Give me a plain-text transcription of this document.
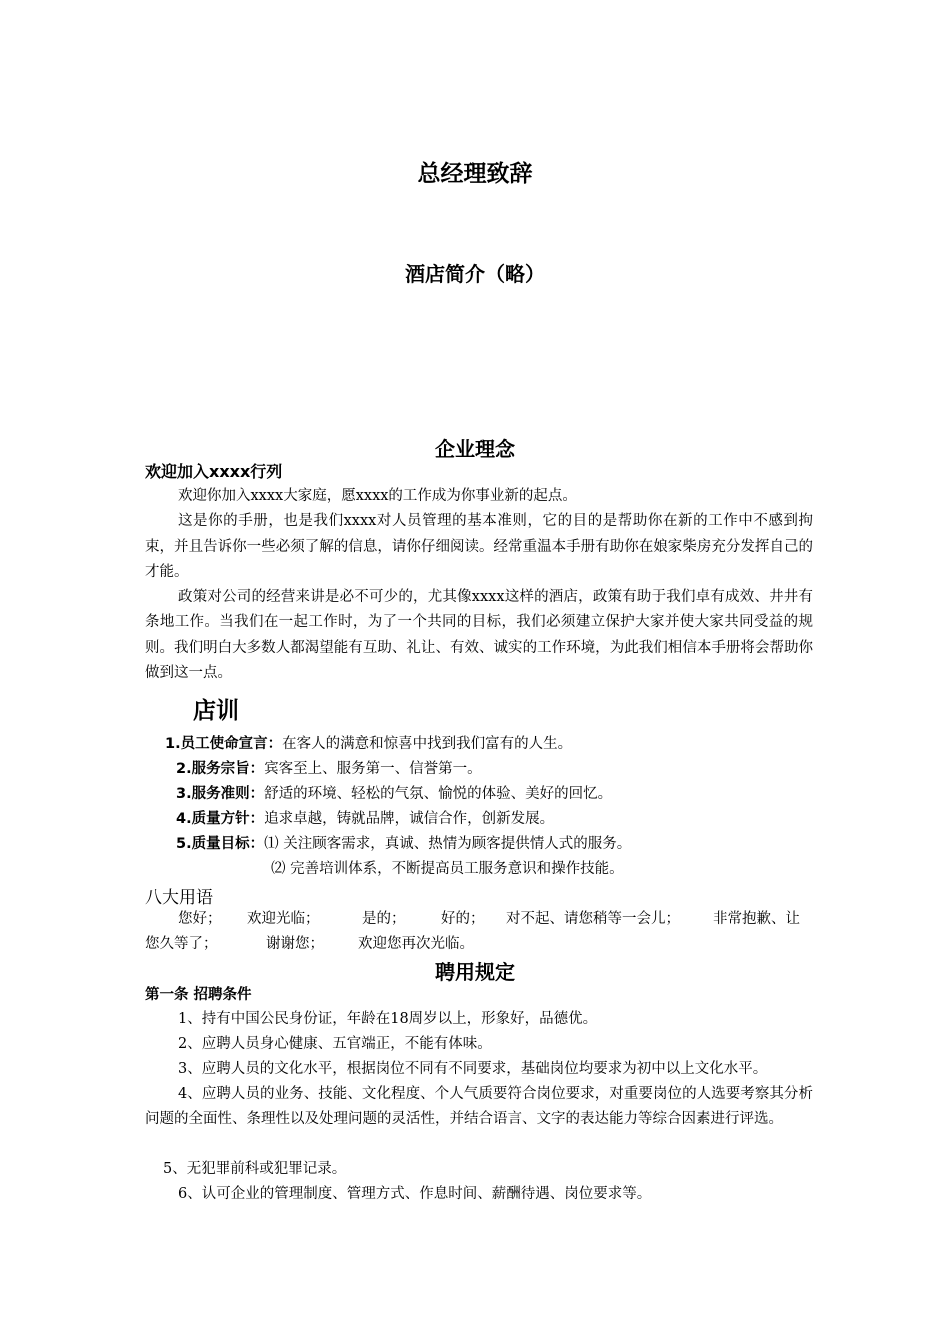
总经理致辞
酒店简介（略）
企业理念
欢迎加入xxxx行列

欢迎你加入xxxx大家庭，愿xxxx的工作成为你事业新的起点。

这是你的手册，也是我们xxxx对人员管理的基本准则，它的目的是帮助你在新的工作中不感到拘束，并且告诉你一些必须了解的信息，请你仔细阅读。经常重温本手册有助你在娘家柴房充分发挥自己的才能。

政策对公司的经营来讲是必不可少的，尤其像xxxx这样的酒店，政策有助于我们卓有成效、井井有条地工作。当我们在一起工作时，为了一个共同的目标，我们必须建立保护大家并使大家共同受益的规则。我们明白大多数人都渴望能有互助、礼让、有效、诚实的工作环境，为此我们相信本手册将会帮助你做到这一点。

店训
1.员工使命宣言：在客人的满意和惊喜中找到我们富有的人生。
2.服务宗旨：宾客至上、服务第一、信誉第一。
3.服务准则：舒适的环境、轻松的气氛、愉悦的体验、美好的回忆。
4.质量方针：追求卓越，铸就品牌，诚信合作，创新发展。
5.质量目标：⑴ 关注顾客需求，真诚、热情为顾客提供情人式的服务。
⑵ 完善培训体系，不断提高员工服务意识和操作技能。
八大用语
您好； 欢迎光临；	是的； 好的； 对不起、请您稍等一会儿； 非常抱歉、让
您久等了；	谢谢您； 欢迎您再次光临。
聘用规定
第一条 招聘条件
1、持有中国公民身份证，年龄在18周岁以上，形象好，品德优。
2、应聘人员身心健康、五官端正，不能有体味。
3、应聘人员的文化水平，根据岗位不同有不同要求，基础岗位均要求为初中以上文化水平。

4、应聘人员的业务、技能、文化程度、个人气质要符合岗位要求，对重要岗位的人选要考察其分析问题的全面性、条理性以及处理问题的灵活性，并结合语言、文字的表达能力等综合因素进行评选。

5、无犯罪前科或犯罪记录。
6、认可企业的管理制度、管理方式、作息时间、薪酬待遇、岗位要求等。
